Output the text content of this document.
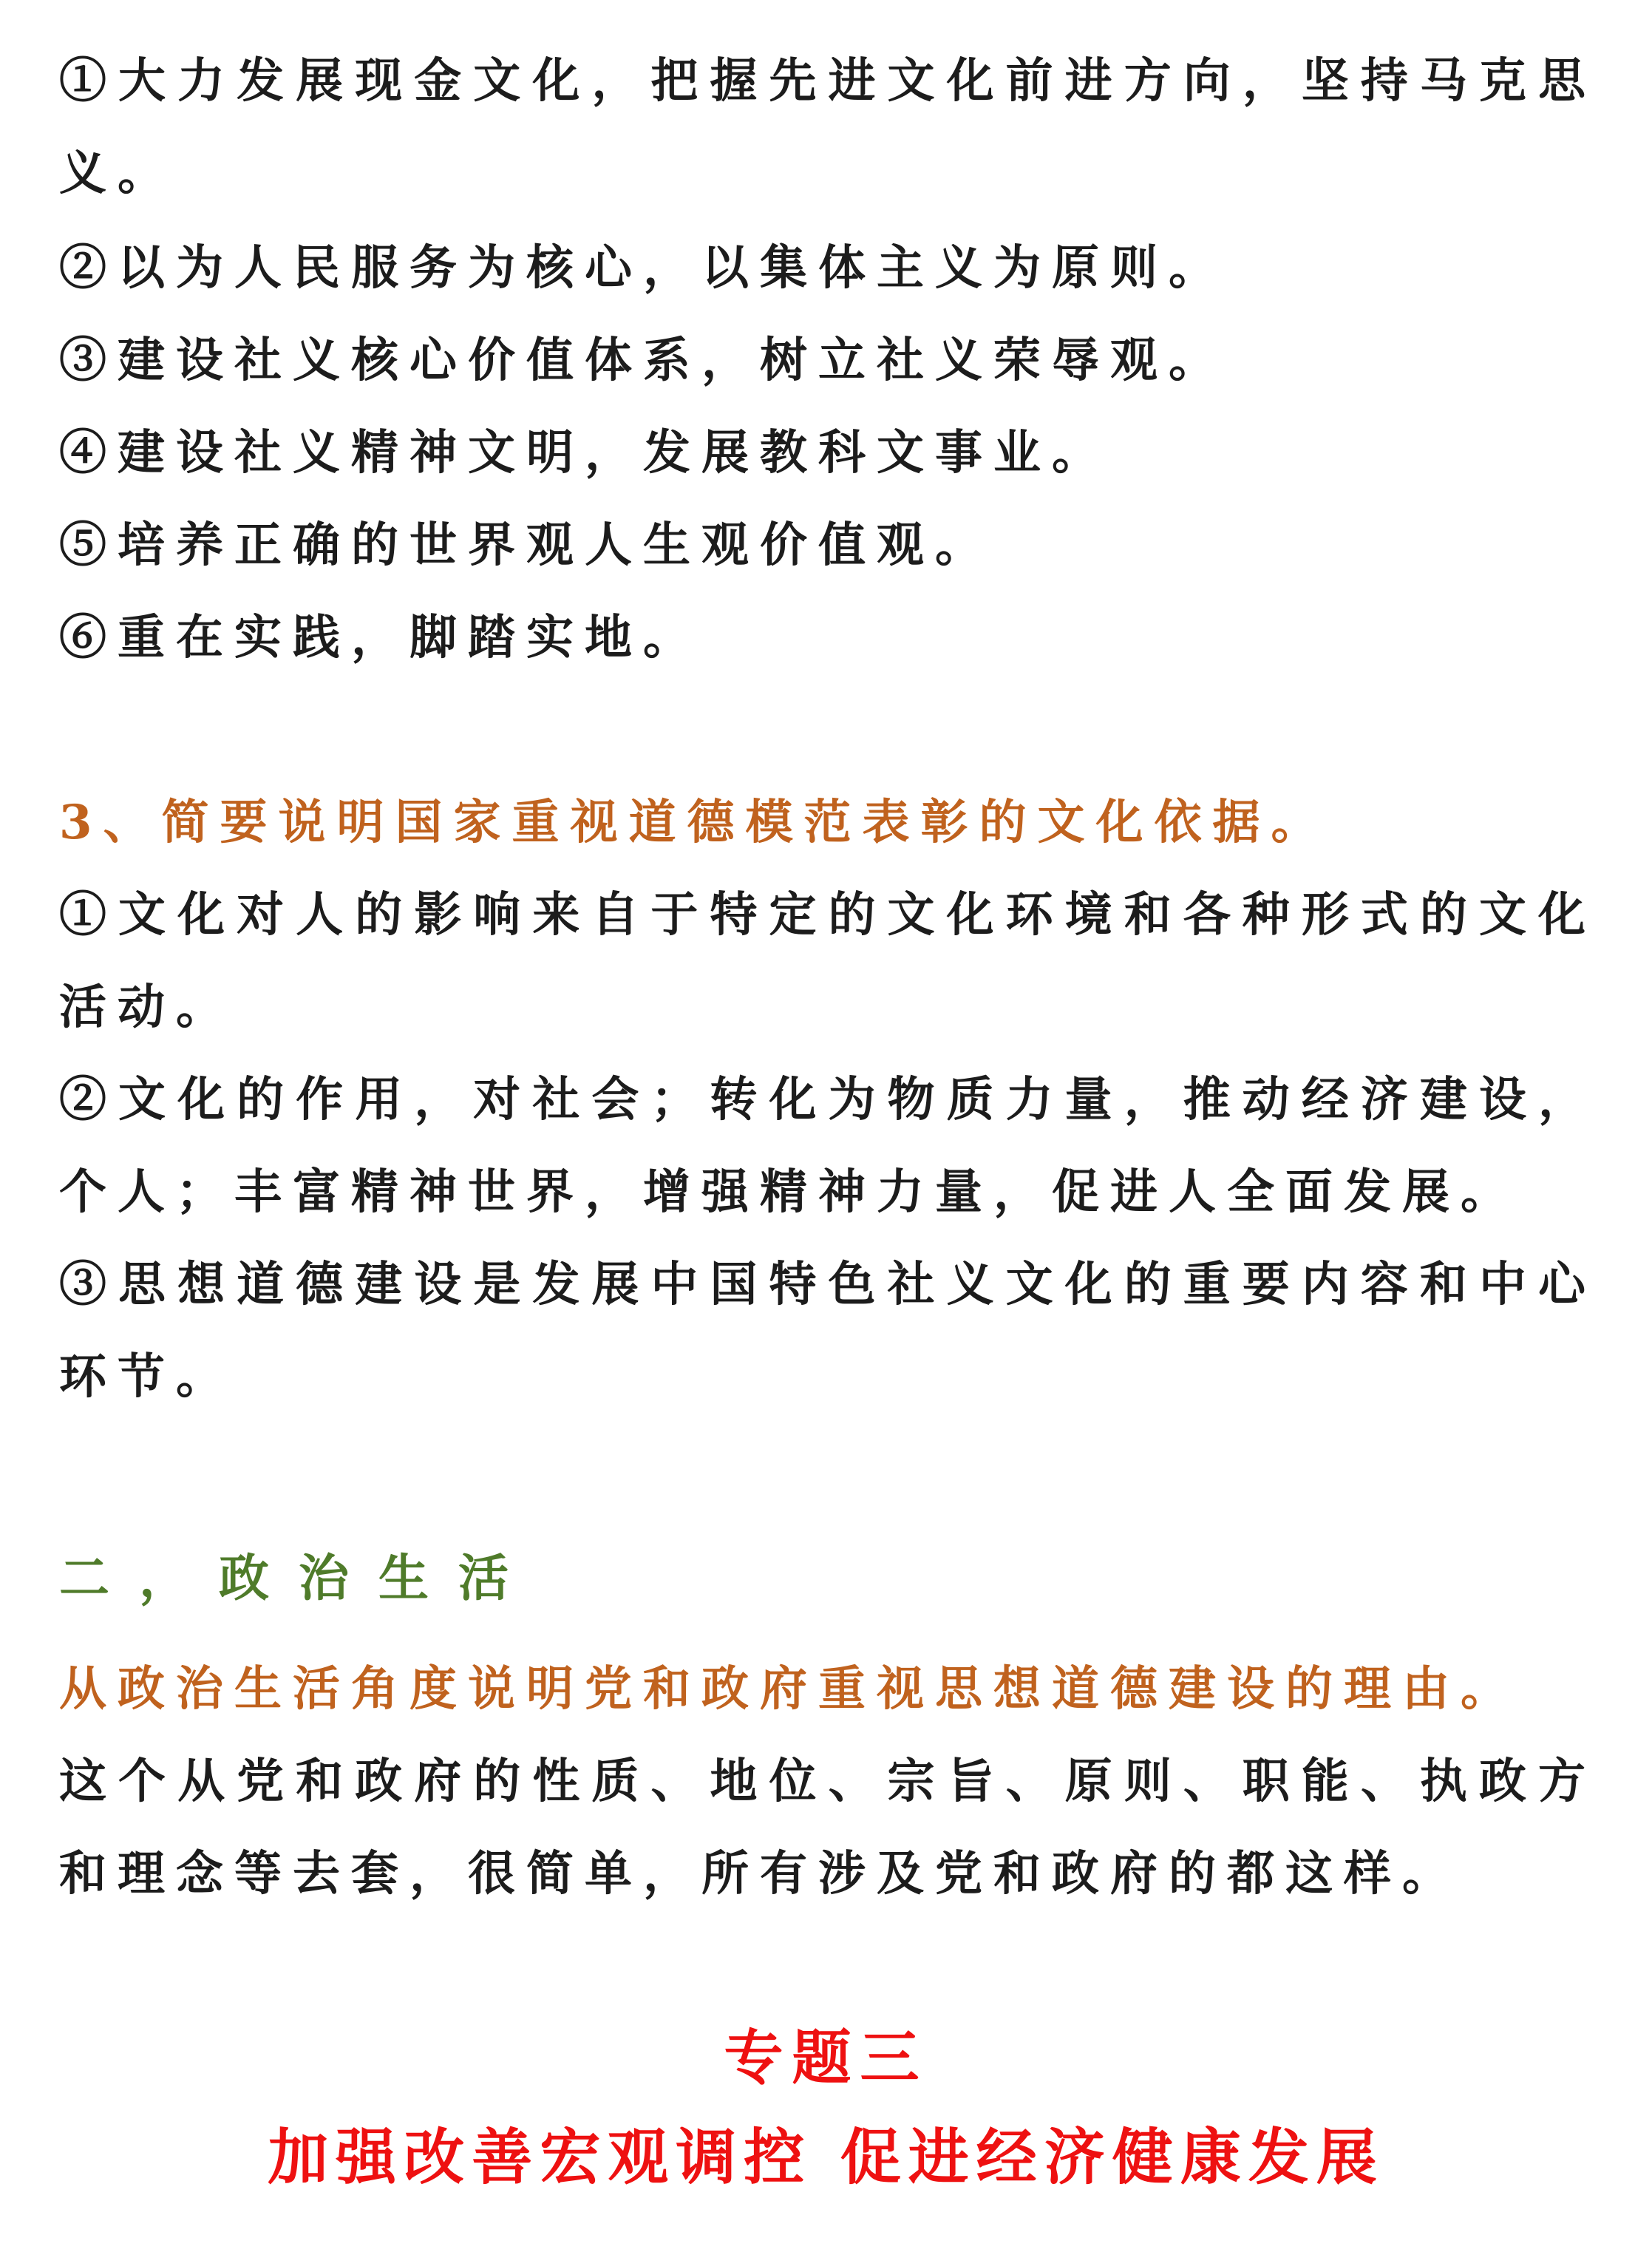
①大力发展现金文化，把握先进文化前进方向，坚持马克思
义。
②以为人民服务为核心，以集体主义为原则。
③建设社义核心价值体系，树立社义荣辱观。
④建设社义精神文明，发展教科文事业。
⑤培养正确的世界观人生观价值观。
⑥重在实践，脚踏实地。
3、简要说明国家重视道德模范表彰的文化依据。
①文化对人的影响来自于特定的文化环境和各种形式的文化
活动。
②文化的作用，对社会；转化为物质力量，推动经济建设，
个人；丰富精神世界，增强精神力量，促进人全面发展。
③思想道德建设是发展中国特色社义文化的重要内容和中心
环节。
二，政治生活
从政治生活角度说明党和政府重视思想道德建设的理由。
这个从党和政府的性质、地位、宗旨、原则、职能、执政方
和理念等去套，很简单，所有涉及党和政府的都这样。
专题三
加强改善宏观调控 促进经济健康发展
